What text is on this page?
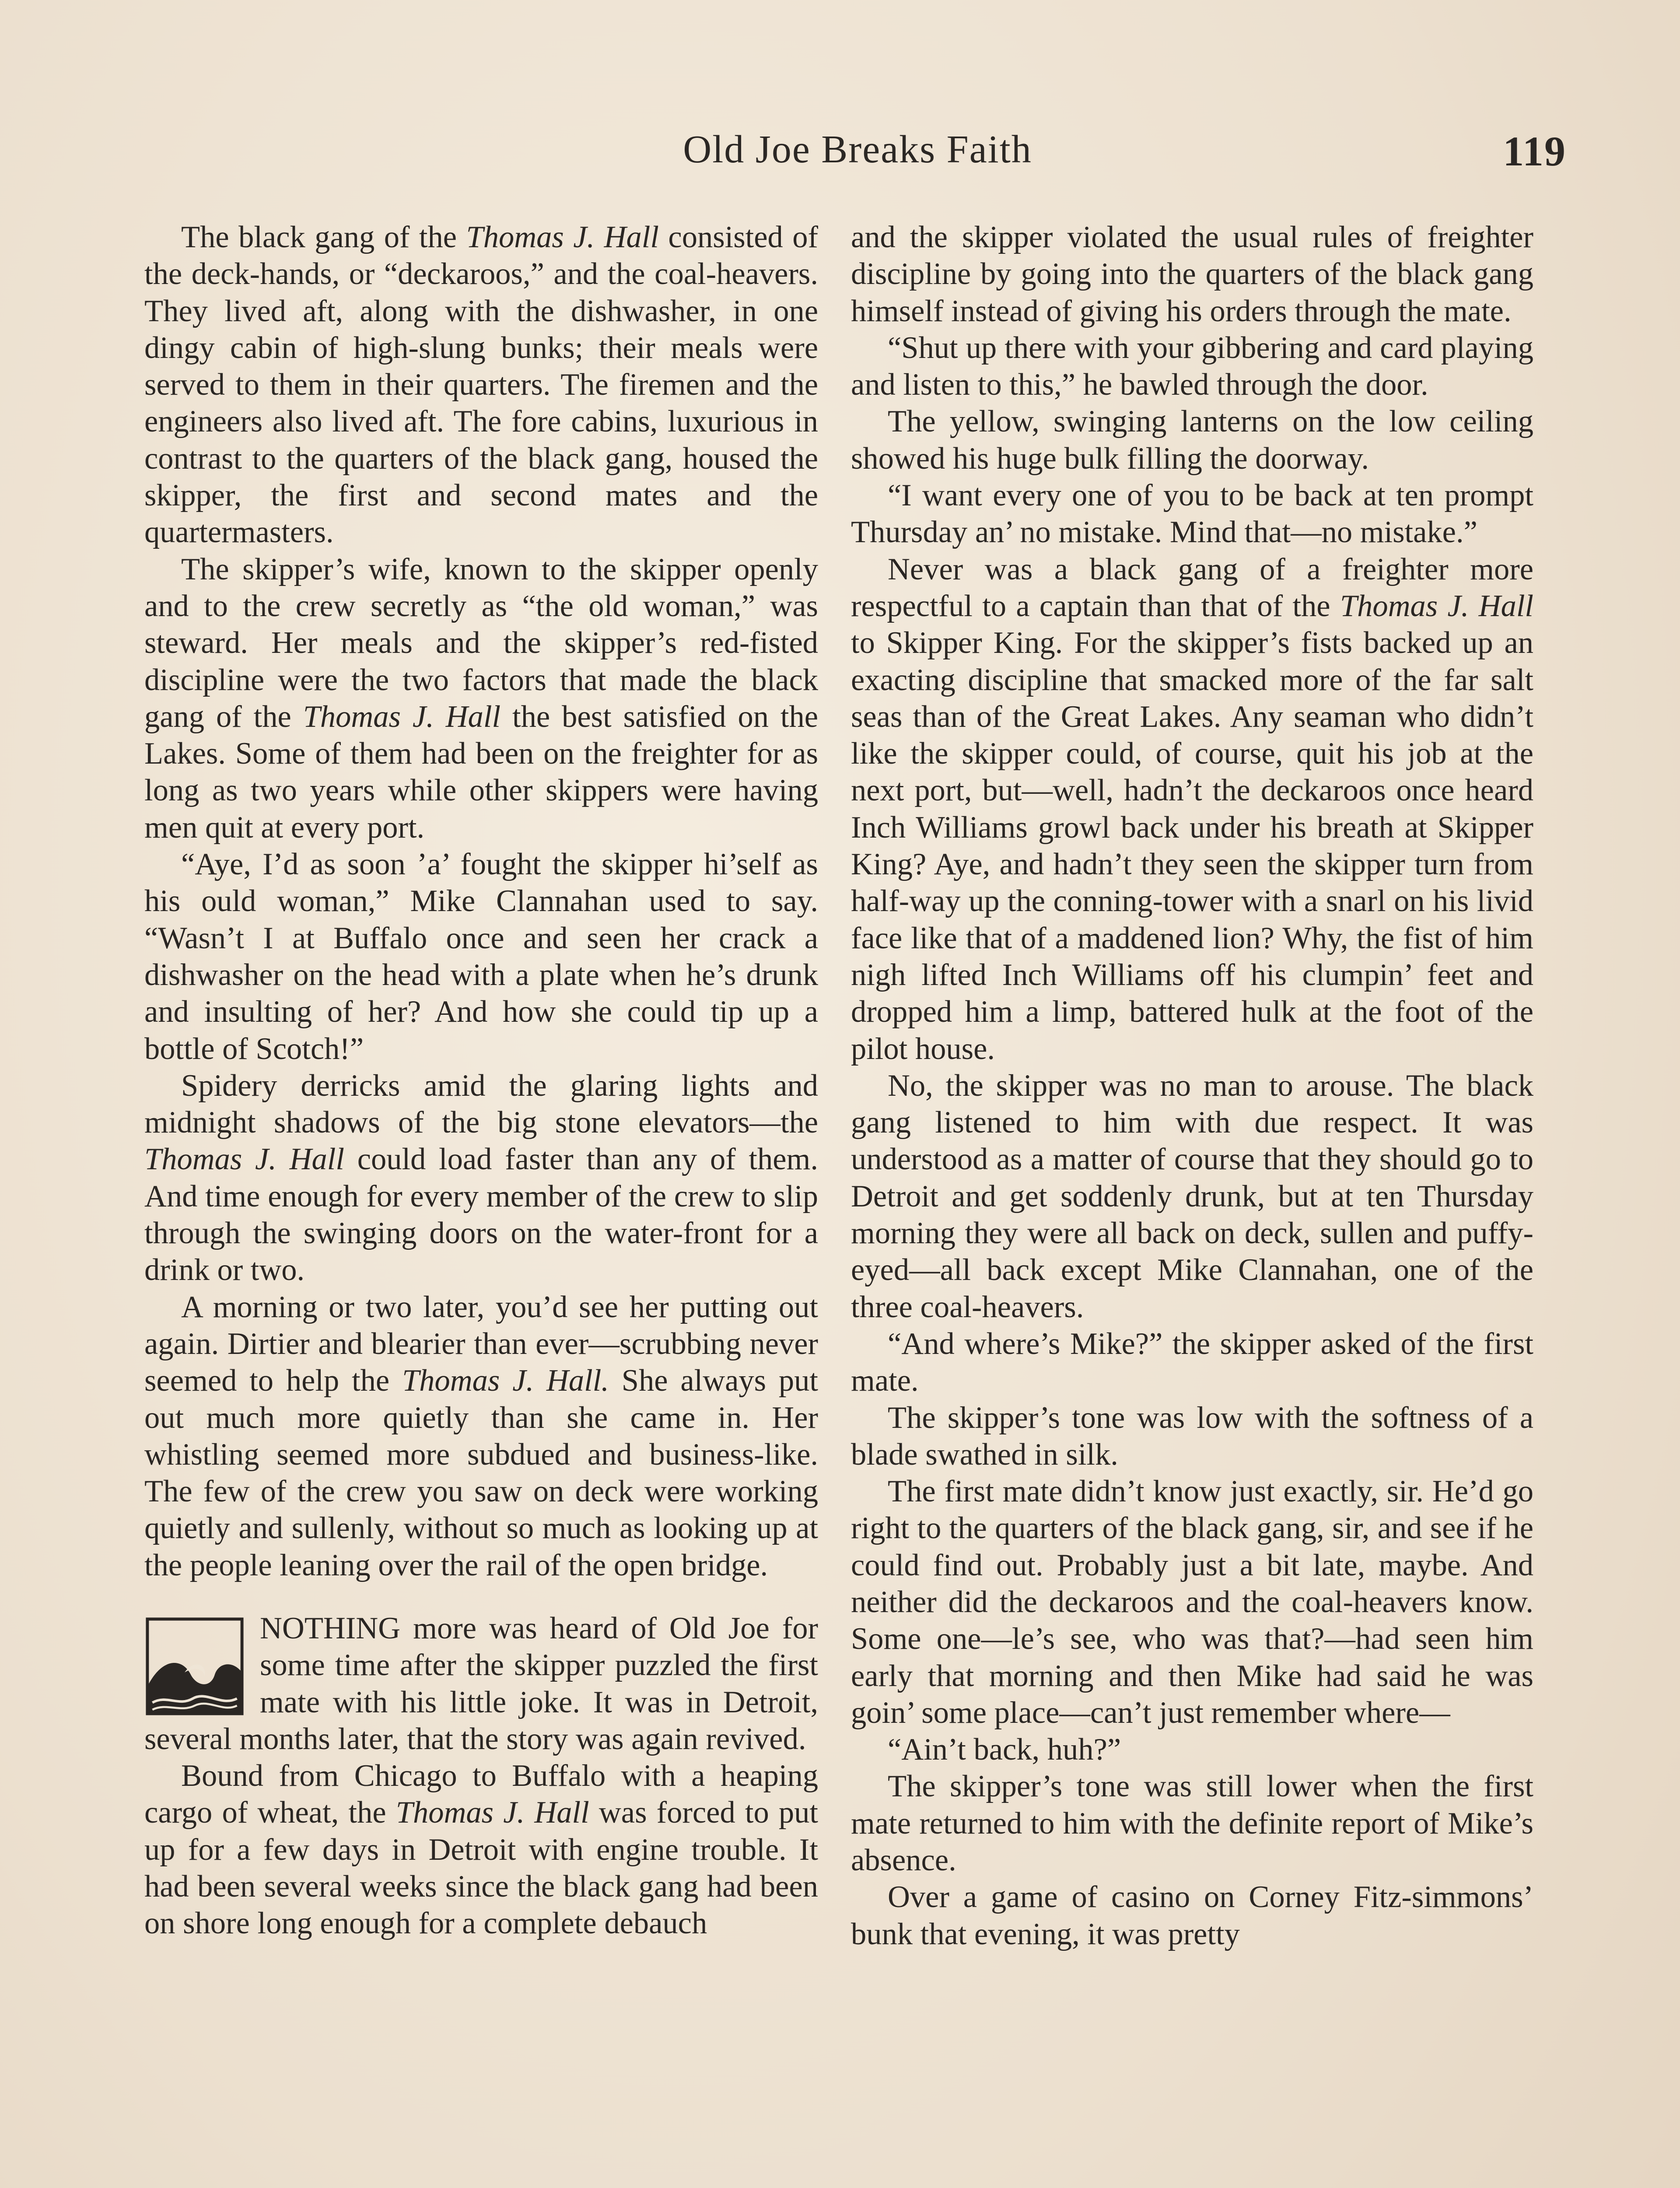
Old Joe Breaks Faith	119

The black gang of the Thomas J. Hall consisted of the deck-hands, or “deckaroos,” and the coal-heavers. They lived aft, along with the dishwasher, in one dingy cabin of high-slung bunks; their meals were served to them in their quarters. The firemen and the engineers also lived aft. The fore cabins, luxurious in contrast to the quarters of the black gang, housed the skipper, the first and second mates and the quartermasters.

The skipper’s wife, known to the skipper openly and to the crew secretly as “the old woman,” was steward. Her meals and the skipper’s red-fisted discipline were the two factors that made the black gang of the Thomas J. Hall the best satisfied on the Lakes. Some of them had been on the freighter for as long as two years while other skippers were having men quit at every port.

“Aye, I’d as soon ’a’ fought the skipper hi’self as his ould woman,” Mike Clannahan used to say. “Wasn’t I at Buffalo once and seen her crack a dishwasher on the head with a plate when he’s drunk and insulting of her? And how she could tip up a bottle of Scotch!”

Spidery derricks amid the glaring lights and midnight shadows of the big stone elevators—the Thomas J. Hall could load faster than any of them. And time enough for every member of the crew to slip through the swinging doors on the water-front for a drink or two.

A morning or two later, you’d see her putting out again. Dirtier and blearier than ever—scrubbing never seemed to help the Thomas J. Hall. She always put out much more quietly than she came in. Her whistling seemed more subdued and business-like. The few of the crew you saw on deck were working quietly and sullenly, without so much as looking up at the people leaning over the rail of the open bridge.

NOTHING more was heard of Old Joe for some time after the skipper puzzled the first mate with his little joke. It was in Detroit, several months later, that the story was again revived.

Bound from Chicago to Buffalo with a heaping cargo of wheat, the Thomas J. Hall was forced to put up for a few days in Detroit with engine trouble. It had been several weeks since the black gang had been on shore long enough for a complete debauch

and the skipper violated the usual rules of freighter discipline by going into the quarters of the black gang himself instead of giving his orders through the mate.

“Shut up there with your gibbering and card playing and listen to this,” he bawled through the door.

The yellow, swinging lanterns on the low ceiling showed his huge bulk filling the doorway.

“I want every one of you to be back at ten prompt Thursday an’ no mistake. Mind that—no mistake.”

Never was a black gang of a freighter more respectful to a captain than that of the Thomas J. Hall to Skipper King. For the skipper’s fists backed up an exacting discipline that smacked more of the far salt seas than of the Great Lakes. Any seaman who didn’t like the skipper could, of course, quit his job at the next port, but—well, hadn’t the deckaroos once heard Inch Williams growl back under his breath at Skipper King? Aye, and hadn’t they seen the skipper turn from half-way up the conning-tower with a snarl on his livid face like that of a maddened lion? Why, the fist of him nigh lifted Inch Williams off his clumpin’ feet and dropped him a limp, battered hulk at the foot of the pilot house.

No, the skipper was no man to arouse. The black gang listened to him with due respect. It was understood as a matter of course that they should go to Detroit and get soddenly drunk, but at ten Thursday morning they were all back on deck, sullen and puffy-eyed—all back except Mike Clannahan, one of the three coal-heavers.

“And where’s Mike?” the skipper asked of the first mate.

The skipper’s tone was low with the softness of a blade swathed in silk.

The first mate didn’t know just exactly, sir. He’d go right to the quarters of the black gang, sir, and see if he could find out. Probably just a bit late, maybe. And neither did the deckaroos and the coal-heavers know. Some one—le’s see, who was that?—had seen him early that morning and then Mike had said he was goin’ some place—can’t just remember where—

“Ain’t back, huh?”

The skipper’s tone was still lower when the first mate returned to him with the definite report of Mike’s absence.

Over a game of casino on Corney Fitz-simmons’ bunk that evening, it was pretty
